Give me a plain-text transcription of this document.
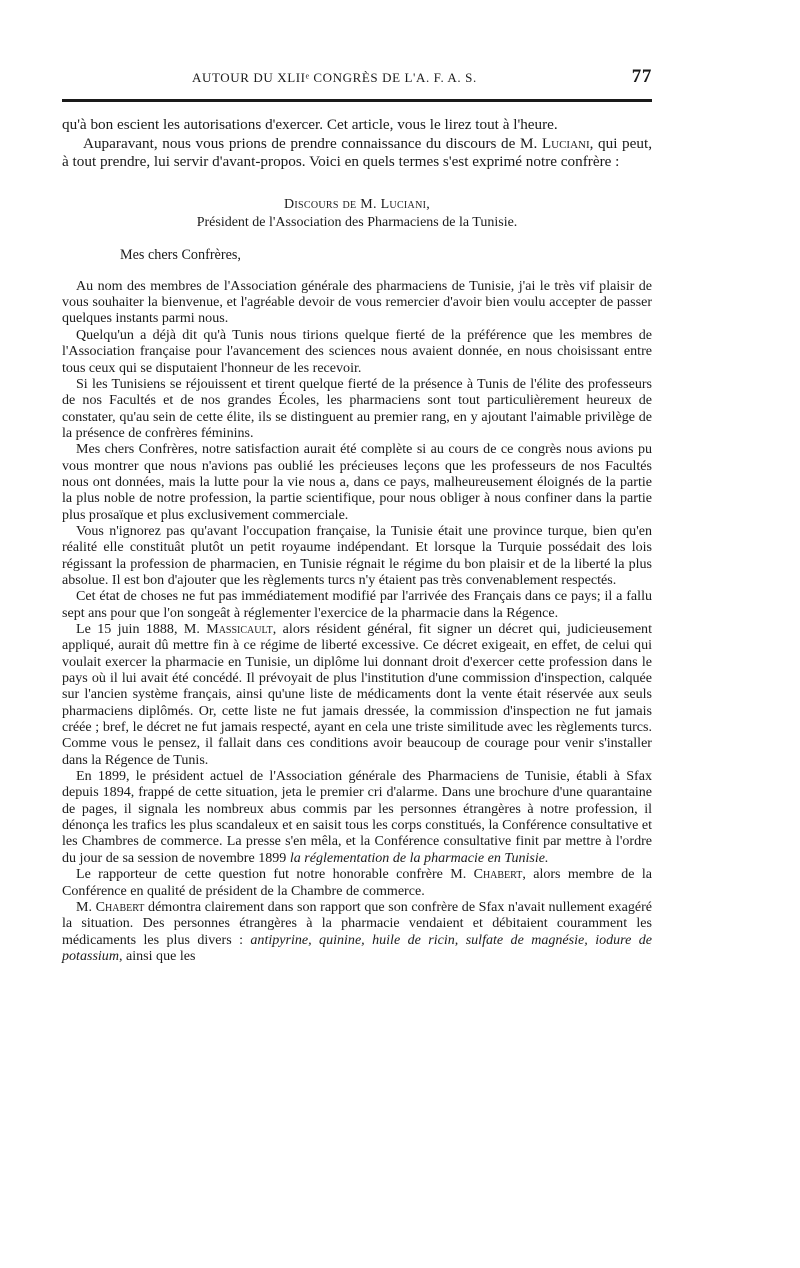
AUTOUR DU XLIIᵉ CONGRÈS DE L'A. F. A. S.	77

qu'à bon escient les autorisations d'exercer. Cet article, vous le lirez tout à l'heure.

Auparavant, nous vous prions de prendre connaissance du discours de M. Luciani, qui peut, à tout prendre, lui servir d'avant-propos. Voici en quels termes s'est exprimé notre confrère :

Discours de M. Luciani,
Président de l'Association des Pharmaciens de la Tunisie.
Mes chers Confrères,

Au nom des membres de l'Association générale des pharmaciens de Tunisie, j'ai le très vif plaisir de vous souhaiter la bienvenue, et l'agréable devoir de vous remercier d'avoir bien voulu accepter de passer quelques instants parmi nous.

Quelqu'un a déjà dit qu'à Tunis nous tirions quelque fierté de la préférence que les membres de l'Association française pour l'avancement des sciences nous avaient donnée, en nous choisissant entre tous ceux qui se disputaient l'honneur de les recevoir.

Si les Tunisiens se réjouissent et tirent quelque fierté de la présence à Tunis de l'élite des professeurs de nos Facultés et de nos grandes Écoles, les pharmaciens sont tout particulièrement heureux de constater, qu'au sein de cette élite, ils se distinguent au premier rang, en y ajoutant l'aimable privilège de la présence de confrères féminins.

Mes chers Confrères, notre satisfaction aurait été complète si au cours de ce congrès nous avions pu vous montrer que nous n'avions pas oublié les précieuses leçons que les professeurs de nos Facultés nous ont données, mais la lutte pour la vie nous a, dans ce pays, malheureusement éloignés de la partie la plus noble de notre profession, la partie scientifique, pour nous obliger à nous confiner dans la partie plus prosaïque et plus exclusivement commerciale.

Vous n'ignorez pas qu'avant l'occupation française, la Tunisie était une province turque, bien qu'en réalité elle constituât plutôt un petit royaume indépendant. Et lorsque la Turquie possédait des lois régissant la profession de pharmacien, en Tunisie régnait le régime du bon plaisir et de la liberté la plus absolue. Il est bon d'ajouter que les règlements turcs n'y étaient pas très convenablement respectés.

Cet état de choses ne fut pas immédiatement modifié par l'arrivée des Français dans ce pays; il a fallu sept ans pour que l'on songeât à réglementer l'exercice de la pharmacie dans la Régence.

Le 15 juin 1888, M. Massicault, alors résident général, fit signer un décret qui, judicieusement appliqué, aurait dû mettre fin à ce régime de liberté excessive. Ce décret exigeait, en effet, de celui qui voulait exercer la pharmacie en Tunisie, un diplôme lui donnant droit d'exercer cette profession dans le pays où il lui avait été concédé. Il prévoyait de plus l'institution d'une commission d'inspection, calquée sur l'ancien système français, ainsi qu'une liste de médicaments dont la vente était réservée aux seuls pharmaciens diplômés. Or, cette liste ne fut jamais dressée, la commission d'inspection ne fut jamais créée ; bref, le décret ne fut jamais respecté, ayant en cela une triste similitude avec les règlements turcs. Comme vous le pensez, il fallait dans ces conditions avoir beaucoup de courage pour venir s'installer dans la Régence de Tunis.

En 1899, le président actuel de l'Association générale des Pharmaciens de Tunisie, établi à Sfax depuis 1894, frappé de cette situation, jeta le premier cri d'alarme. Dans une brochure d'une quarantaine de pages, il signala les nombreux abus commis par les personnes étrangères à notre profession, il dénonça les trafics les plus scandaleux et en saisit tous les corps constitués, la Conférence consultative et les Chambres de commerce. La presse s'en mêla, et la Conférence consultative finit par mettre à l'ordre du jour de sa session de novembre 1899 la réglementation de la pharmacie en Tunisie.

Le rapporteur de cette question fut notre honorable confrère M. Chabert, alors membre de la Conférence en qualité de président de la Chambre de commerce.

M. Chabert démontra clairement dans son rapport que son confrère de Sfax n'avait nullement exagéré la situation. Des personnes étrangères à la pharmacie vendaient et débitaient couramment les médicaments les plus divers : antipyrine, quinine, huile de ricin, sulfate de magnésie, iodure de potassium, ainsi que les
